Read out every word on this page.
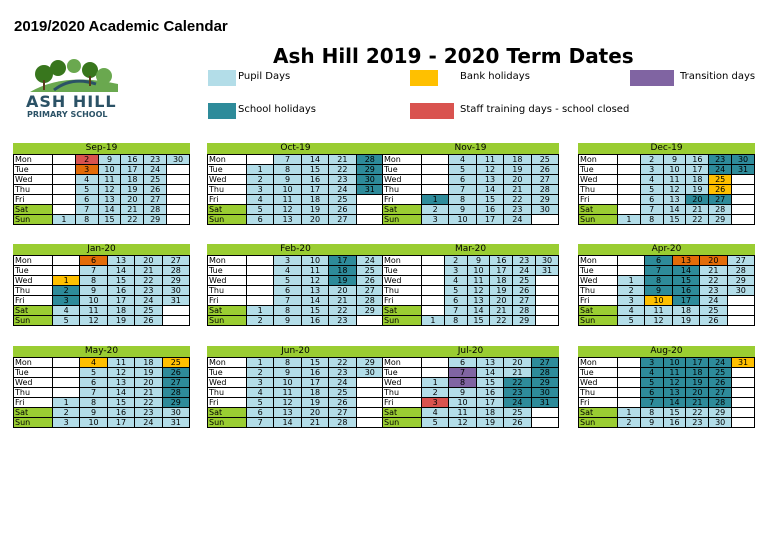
2019/2020 Academic Calendar
Ash Hill 2019 - 2020 Term Dates
ASH HILL
PRIMARY SCHOOL
Pupil Days	Bank holidays	Transition days
School holidays	Staff training days - school closed
Sep-19
Mon		2	9	16	23	30
Tue		3	10	17	24	
Wed		4	11	18	25	
Thu		5	12	19	26	
Fri		6	13	20	27	
Sat		7	14	21	28	
Sun	1	8	15	22	29	
Oct-19
Mon		7	14	21	28
Tue	1	8	15	22	29
Wed	2	9	16	23	30
Thu	3	10	17	24	31
Fri	4	11	18	25	
Sat	5	12	19	26	
Sun	6	13	20	27	
Nov-19
Mon		4	11	18	25
Tue		5	12	19	26
Wed		6	13	20	27
Thu		7	14	21	28
Fri	1	8	15	22	29
Sat	2	9	16	23	30
Sun	3	10	17	24	
Dec-19
Mon		2	9	16	23	30
Tue		3	10	17	24	31
Wed		4	11	18	25	
Thu		5	12	19	26	
Fri		6	13	20	27	
Sat		7	14	21	28	
Sun	1	8	15	22	29	
Jan-20
Mon		6	13	20	27
Tue		7	14	21	28
Wed	1	8	15	22	29
Thu	2	9	16	23	30
Fri	3	10	17	24	31
Sat	4	11	18	25	
Sun	5	12	19	26	
Feb-20
Mon		3	10	17	24
Tue		4	11	18	25
Wed		5	12	19	26
Thu		6	13	20	27
Fri		7	14	21	28
Sat	1	8	15	22	29
Sun	2	9	16	23	
Mar-20
Mon		2	9	16	23	30
Tue		3	10	17	24	31
Wed		4	11	18	25	
Thu		5	12	19	26	
Fri		6	13	20	27	
Sat		7	14	21	28	
Sun	1	8	15	22	29	
Apr-20
Mon		6	13	20	27
Tue		7	14	21	28
Wed	1	8	15	22	29
Thu	2	9	16	23	30
Fri	3	10	17	24	
Sat	4	11	18	25	
Sun	5	12	19	26	
May-20
Mon		4	11	18	25
Tue		5	12	19	26
Wed		6	13	20	27
Thu		7	14	21	28
Fri	1	8	15	22	29
Sat	2	9	16	23	30
Sun	3	10	17	24	31
Jun-20
Mon	1	8	15	22	29
Tue	2	9	16	23	30
Wed	3	10	17	24	
Thu	4	11	18	25	
Fri	5	12	19	26	
Sat	6	13	20	27	
Sun	7	14	21	28	
Jul-20
Mon		6	13	20	27
Tue		7	14	21	28
Wed	1	8	15	22	29
Thu	2	9	16	23	30
Fri	3	10	17	24	31
Sat	4	11	18	25	
Sun	5	12	19	26	
Aug-20
Mon		3	10	17	24	31
Tue		4	11	18	25	
Wed		5	12	19	26	
Thu		6	13	20	27	
Fri		7	14	21	28	
Sat	1	8	15	22	29	
Sun	2	9	16	23	30	
